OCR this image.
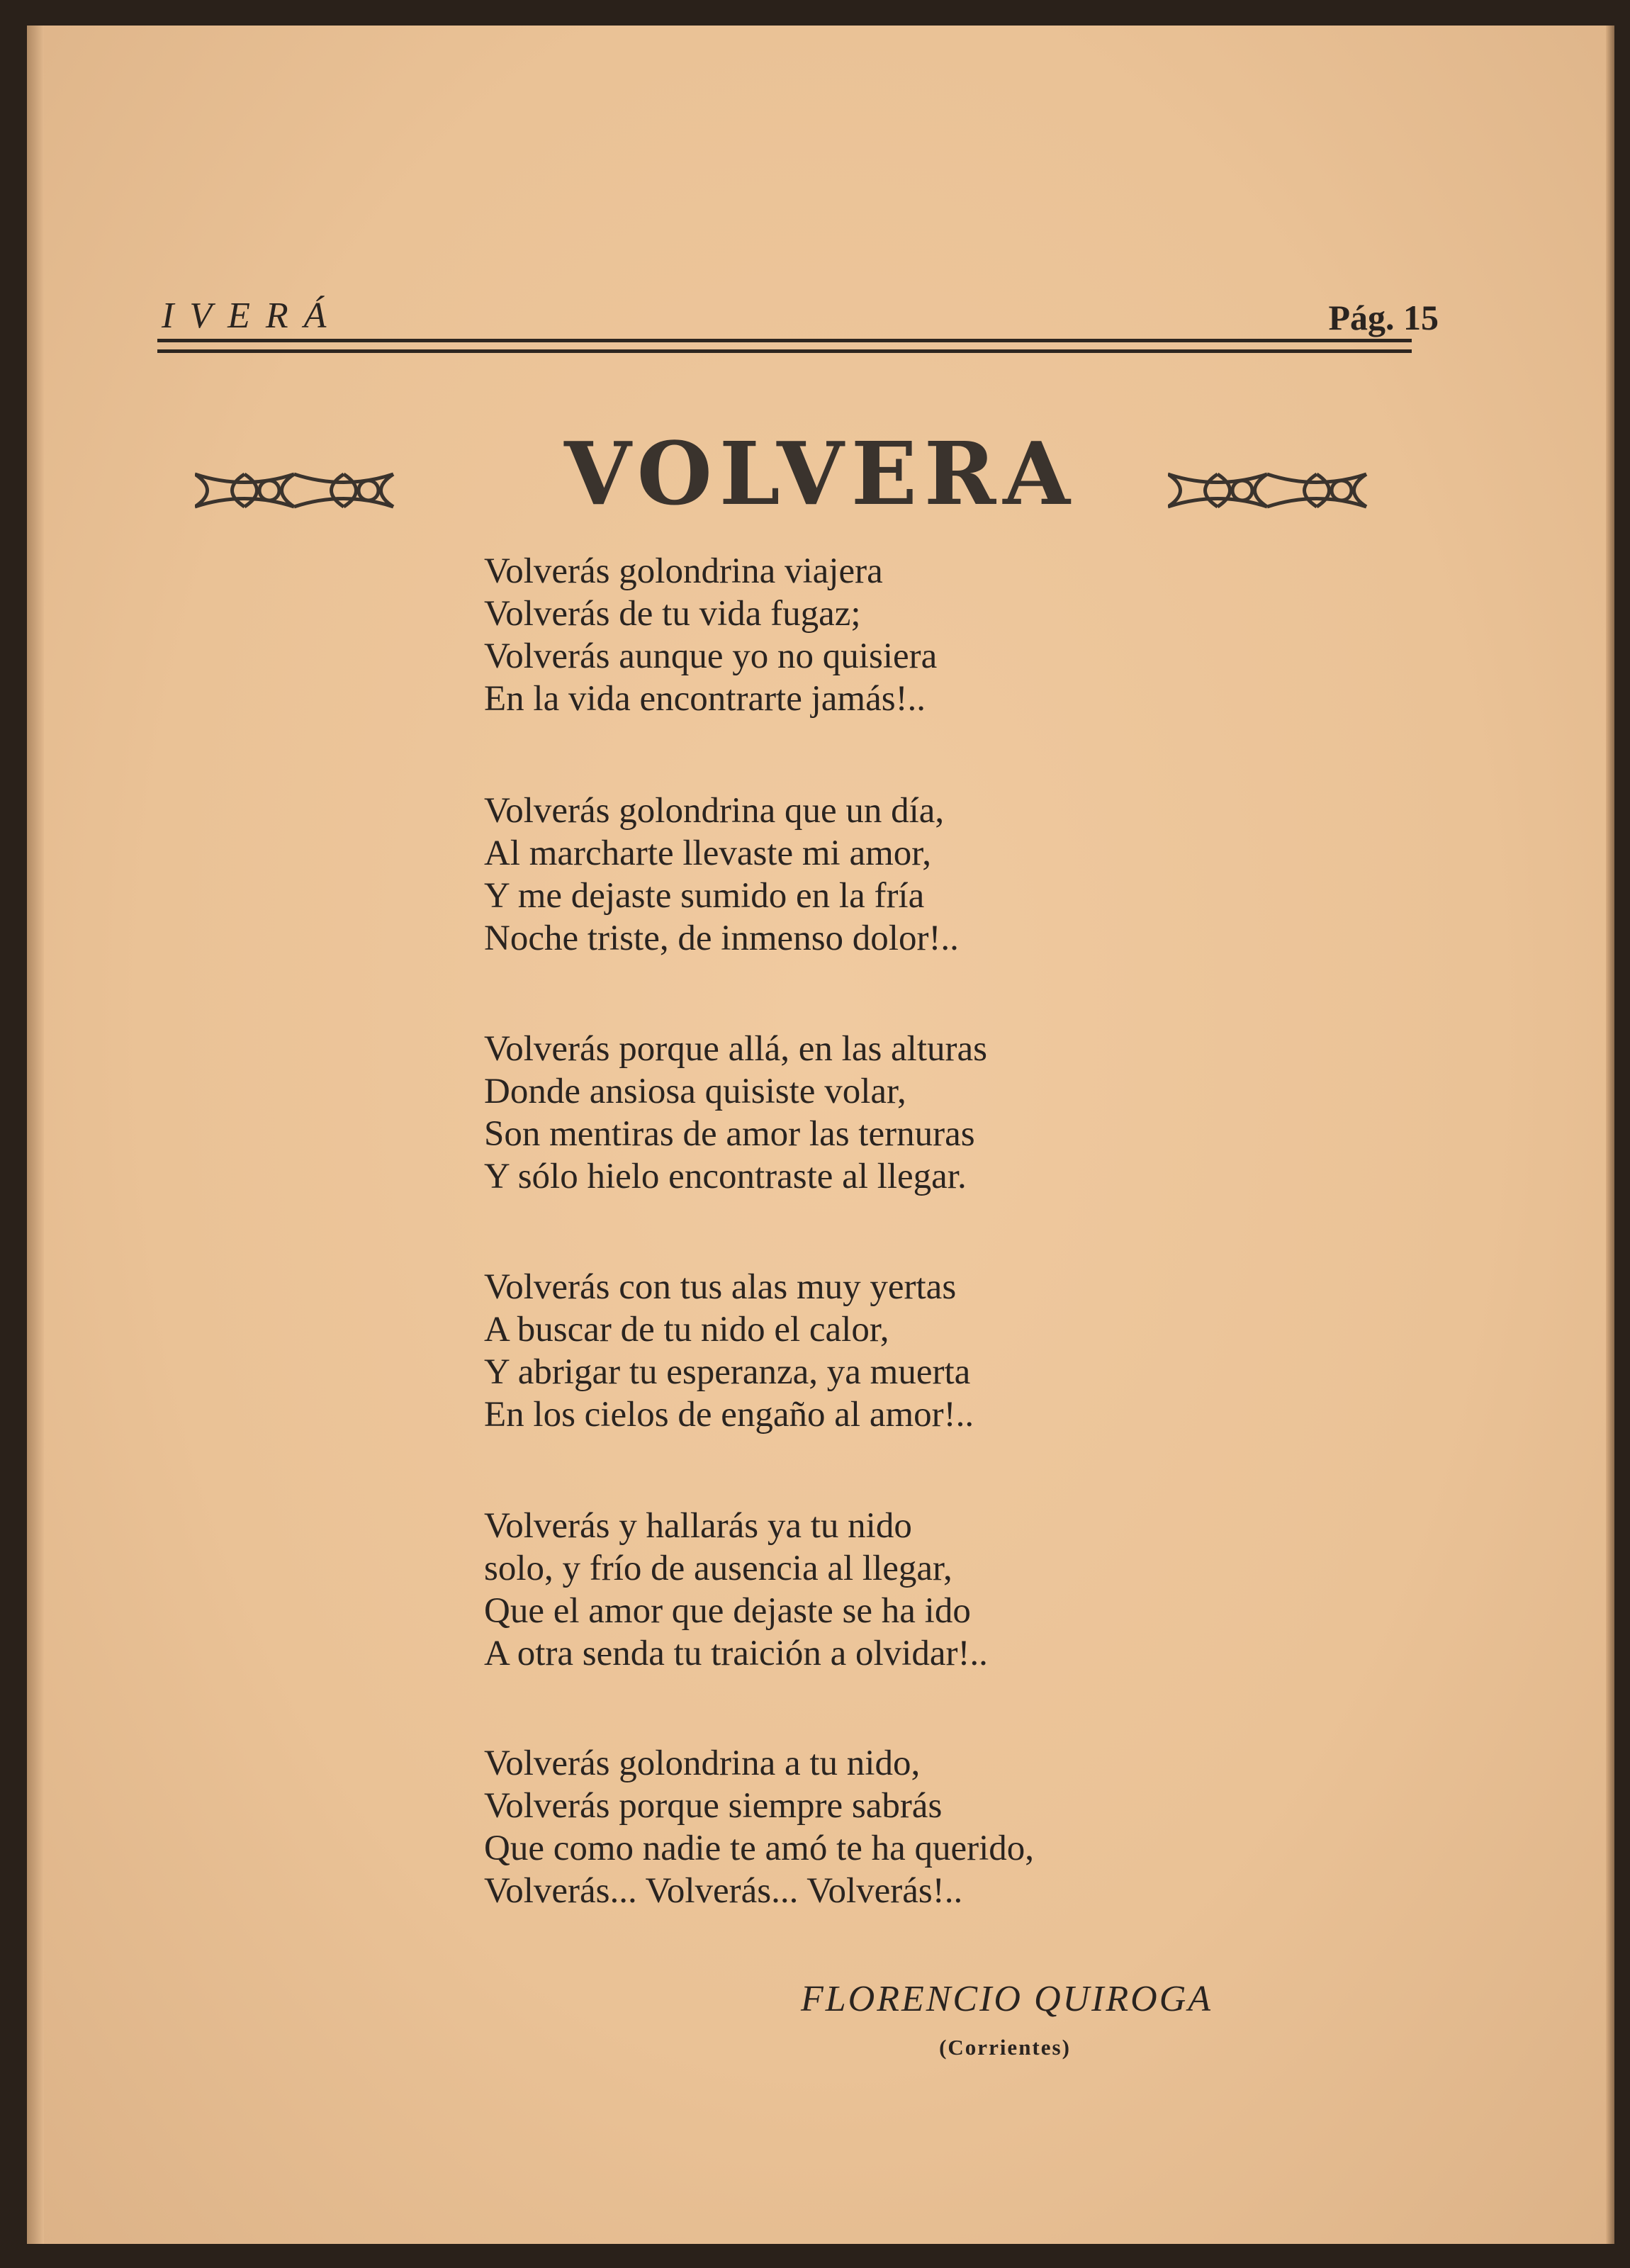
IVERÁ	Pág. 15
VOLVERA
Volverás golondrina viajera
Volverás de tu vida fugaz;
Volverás aunque yo no quisiera
En la vida encontrarte jamás!..
Volverás golondrina que un día,
Al marcharte llevaste mi amor,
Y me dejaste sumido en la fría
Noche triste, de inmenso dolor!..
Volverás porque allá, en las alturas
Donde ansiosa quisiste volar,
Son mentiras de amor las ternuras
Y sólo hielo encontraste al llegar.
Volverás con tus alas muy yertas
A buscar de tu nido el calor,
Y abrigar tu esperanza, ya muerta
En los cielos de engaño al amor!..
Volverás y hallarás ya tu nido
solo, y frío de ausencia al llegar,
Que el amor que dejaste se ha ido
A otra senda tu traición a olvidar!..
Volverás golondrina a tu nido,
Volverás porque siempre sabrás
Que como nadie te amó te ha querido,
Volverás... Volverás... Volverás!..
FLORENCIO QUIROGA
(Corrientes)
